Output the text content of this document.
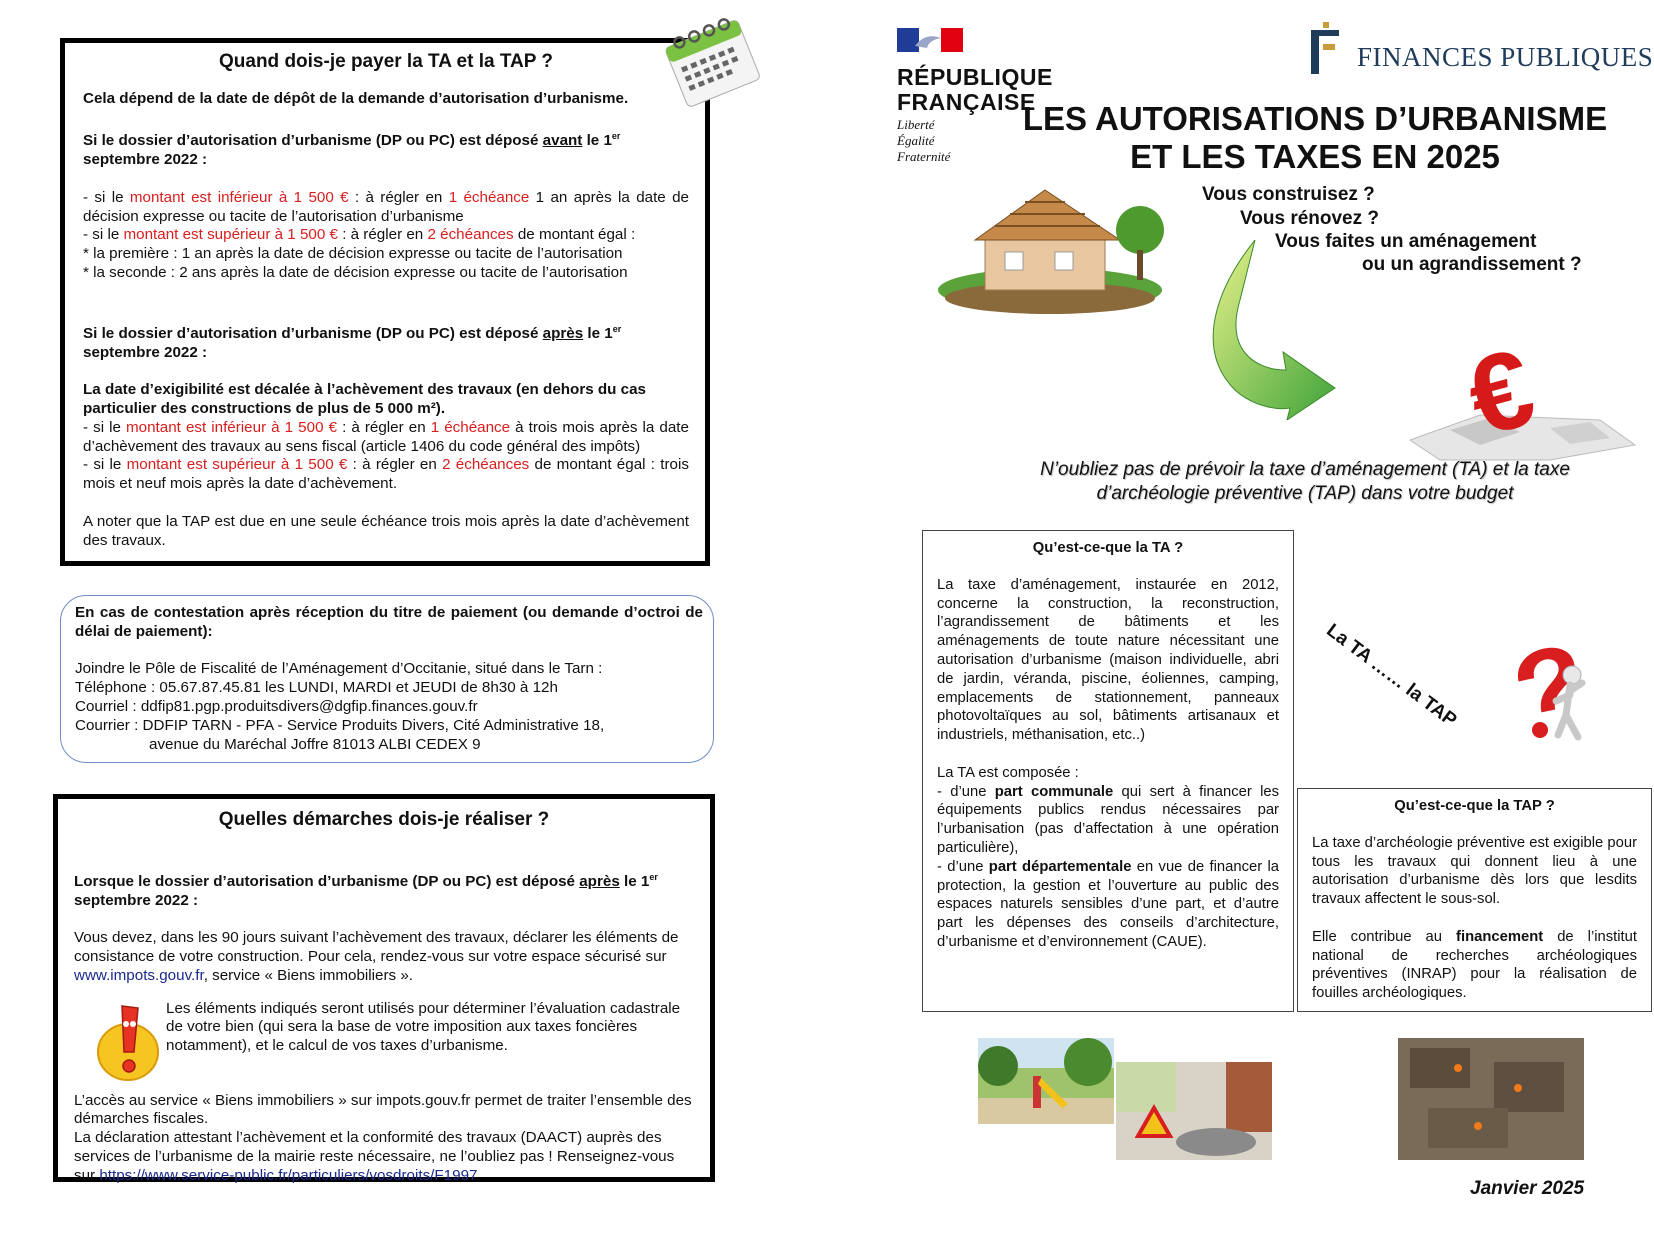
Quand dois-je payer la TA et la TAP ?

Cela dépend de la date de dépôt de la demande d’autorisation d’urbanisme.

Si le dossier d’autorisation d’urbanisme (DP ou PC) est déposé avant le 1er septembre 2022 :

- si le montant est inférieur à 1 500 € : à régler en 1 échéance 1 an après la date de décision expresse ou tacite de l’autorisation d’urbanisme

- si le montant est supérieur à 1 500 € : à régler en 2 échéances de montant égal :

* la première : 1 an après la date de décision expresse ou tacite de l’autorisation

* la seconde : 2 ans après la date de décision expresse ou tacite de l’autorisation

Si le dossier d’autorisation d’urbanisme (DP ou PC) est déposé après le 1er septembre 2022 :

La date d’exigibilité est décalée à l’achèvement des travaux (en dehors du cas particulier des constructions de plus de 5 000 m²).

- si le montant est inférieur à 1 500 € : à régler en 1 échéance à trois mois après la date d’achèvement des travaux au sens fiscal (article 1406 du code général des impôts)

- si le montant est supérieur à 1 500 € : à régler en 2 échéances de montant égal : trois mois et neuf mois après la date d’achèvement.

A noter que la TAP est due en une seule échéance trois mois après la date d’achèvement des travaux.

En cas de contestation après réception du titre de paiement (ou demande d’octroi de délai de paiement):

Joindre le Pôle de Fiscalité de l’Aménagement d’Occitanie, situé dans le Tarn :

Téléphone : 05.67.87.45.81 les LUNDI, MARDI et JEUDI de 8h30 à 12h

Courriel : ddfip81.pgp.produitsdivers@dgfip.finances.gouv.fr

Courrier : DDFIP TARN - PFA - Service Produits Divers, Cité Administrative 18,

avenue du Maréchal Joffre 81013 ALBI CEDEX 9

Quelles démarches dois-je réaliser ?

Lorsque le dossier d’autorisation d’urbanisme (DP ou PC) est déposé après le 1er septembre 2022 :

Vous devez, dans les 90 jours suivant l’achèvement des travaux, déclarer les éléments de consistance de votre construction. Pour cela, rendez-vous sur votre espace sécurisé sur www.impots.gouv.fr, service « Biens immobiliers ».

Les éléments indiqués seront utilisés pour déterminer l’évaluation cadastrale de votre bien (qui sera la base de votre imposition aux taxes foncières notamment), et le calcul de vos taxes d’urbanisme.

L’accès au service « Biens immobiliers » sur impots.gouv.fr permet de traiter l’ensemble des démarches fiscales.

La déclaration attestant l’achèvement et la conformité des travaux (DAACT) auprès des services de l’urbanisme de la mairie reste nécessaire, ne l’oubliez pas ! Renseignez-vous sur https://www.service-public.fr/particuliers/vosdroits/F1997.

RÉPUBLIQUE
FRANÇAISE
Liberté
Égalité
Fraternité
FINANCES PUBLIQUES
LES AUTORISATIONS D’URBANISME
ET LES TAXES EN 2025
Vous construisez ?
Vous rénovez ?
Vous faites un aménagement
ou un agrandissement ?
€
N’oubliez pas de prévoir la taxe d’aménagement (TA) et la taxe
d’archéologie préventive (TAP) dans votre budget

Qu’est-ce-que la TA ?

La taxe d’aménagement, instaurée en 2012, concerne la construction, la reconstruction, l’agrandissement de bâtiments et les aménagements de toute nature nécessitant une autorisation d’urbanisme (maison individuelle, abri de jardin, véranda, piscine, éoliennes, camping, emplacements de stationnement, panneaux photovoltaïques au sol, bâtiments artisanaux et industriels, méthanisation, etc..)

La TA est composée :

- d’une part communale qui sert à financer les équipements publics rendus nécessaires par l’urbanisation (pas d’affectation à une opération particulière),

- d’une part départementale en vue de financer la protection, la gestion et l’ouverture au public des espaces naturels sensibles d’une part, et d’autre part les dépenses des conseils d’architecture, d’urbanisme et d’environnement (CAUE).

La TA …… la TAP

Qu’est-ce-que la TAP ?

La taxe d’archéologie préventive est exigible pour tous les travaux qui donnent lieu à une autorisation d’urbanisme dès lors que lesdits travaux affectent le sous-sol.

Elle contribue au financement de l’institut national de recherches archéologiques préventives (INRAP) pour la réalisation de fouilles archéologiques.

Janvier 2025
